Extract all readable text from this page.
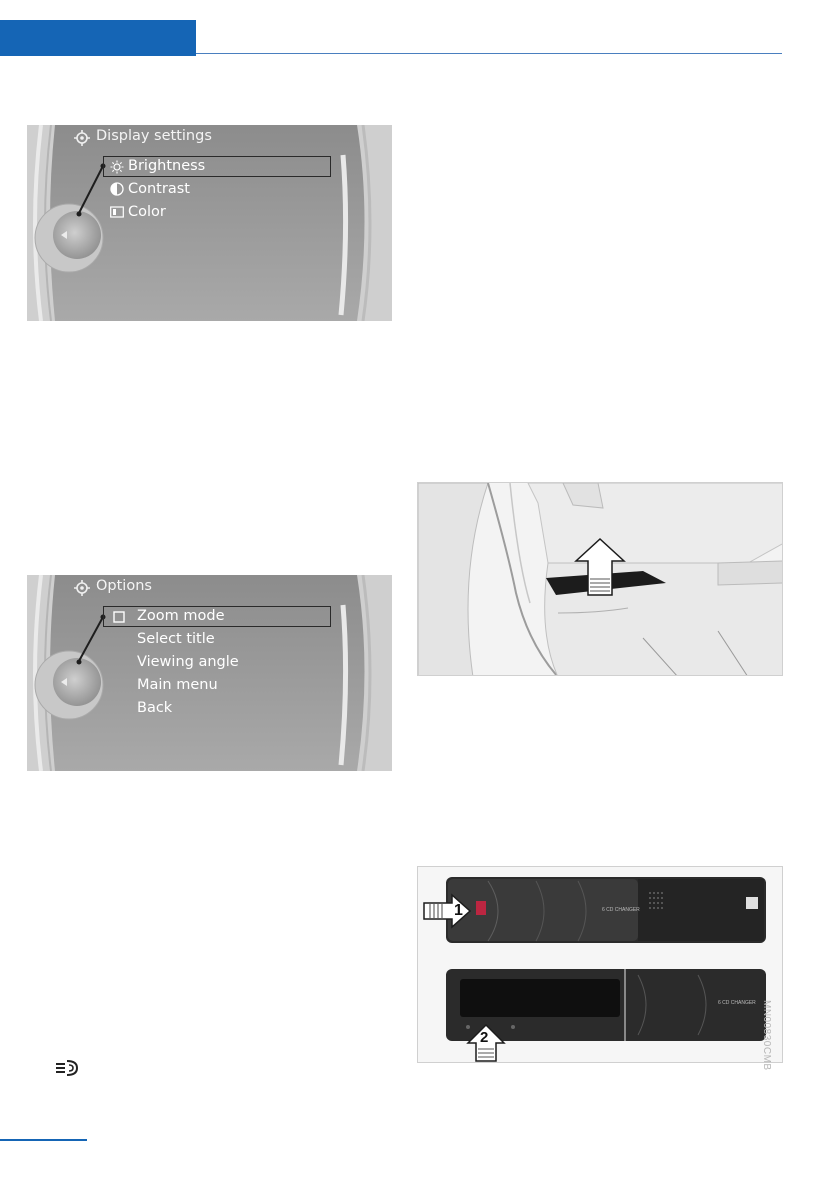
Display settings
Brightness
Contrast
Color
Options
Zoom mode
Select title
Viewing angle
Main menu
Back
1
2
6 CD CHANGER
6 CD CHANGER MN00830CMB
